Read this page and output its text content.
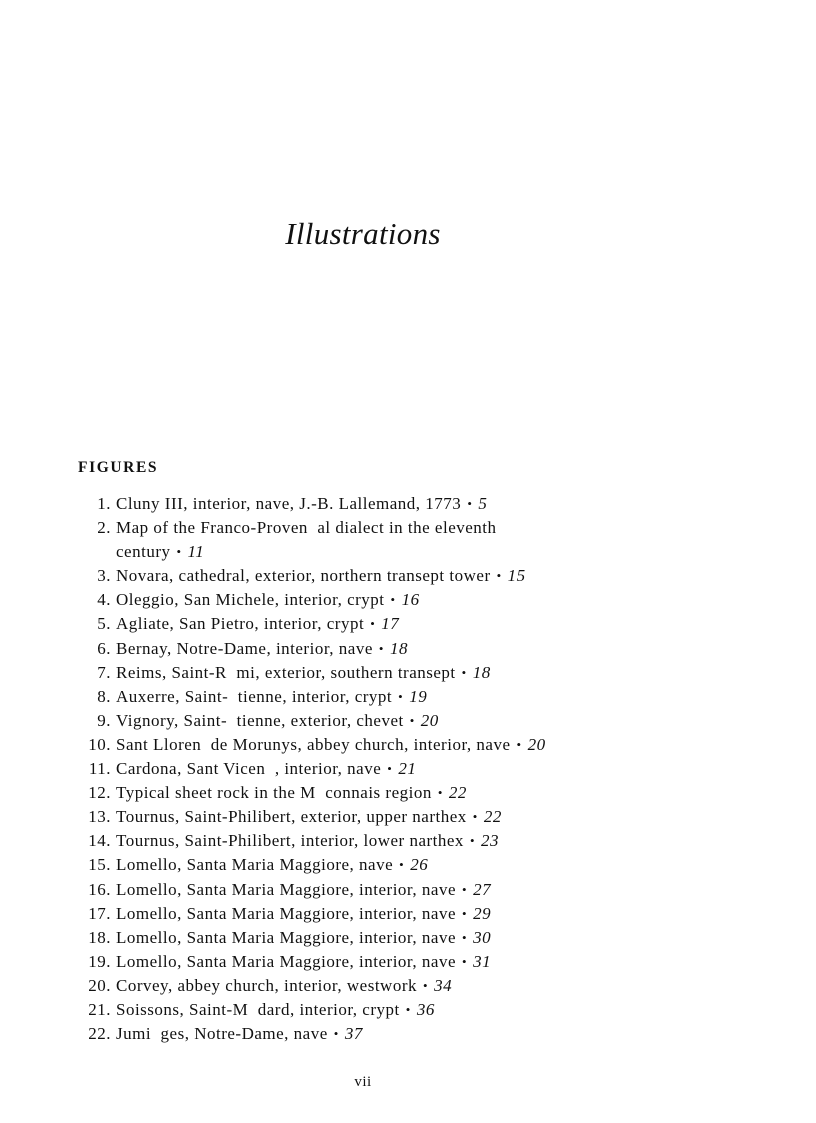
Illustrations
FIGURES
1. Cluny III, interior, nave, J.-B. Lallemand, 1773 • 5
2. Map of the Franco-Proven  al dialect in the eleventh
century • 11
3. Novara, cathedral, exterior, northern transept tower • 15
4. Oleggio, San Michele, interior, crypt • 16
5. Agliate, San Pietro, interior, crypt • 17
6. Bernay, Notre-Dame, interior, nave • 18
7. Reims, Saint-R  mi, exterior, southern transept • 18
8. Auxerre, Saint-  tienne, interior, crypt • 19
9. Vignory, Saint-  tienne, exterior, chevet • 20
10. Sant Lloren  de Morunys, abbey church, interior, nave • 20
11. Cardona, Sant Vicen  , interior, nave • 21
12. Typical sheet rock in the M  connais region • 22
13. Tournus, Saint-Philibert, exterior, upper narthex • 22
14. Tournus, Saint-Philibert, interior, lower narthex • 23
15. Lomello, Santa Maria Maggiore, nave • 26
16. Lomello, Santa Maria Maggiore, interior, nave • 27
17. Lomello, Santa Maria Maggiore, interior, nave • 29
18. Lomello, Santa Maria Maggiore, interior, nave • 30
19. Lomello, Santa Maria Maggiore, interior, nave • 31
20. Corvey, abbey church, interior, westwork • 34
21. Soissons, Saint-M  dard, interior, crypt • 36
22. Jumi  ges, Notre-Dame, nave • 37
vii
